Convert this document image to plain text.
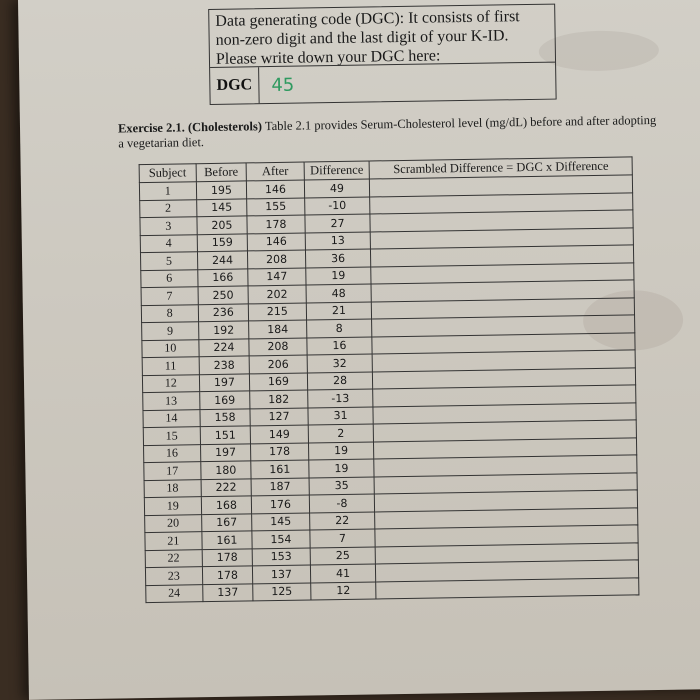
Data generating code (DGC): It consists of first non-zero digit and the last digit of your K-ID. Please write down your DGC here:
DGC	45
Exercise 2.1. (Cholesterols) Table 2.1 provides Serum-Cholesterol level (mg/dL) before and after adopting a vegetarian diet.
Subject	Before	After	Difference	Scrambled Difference = DGC x Difference
1	195	146	49	
2	145	155	-10	
3	205	178	27	
4	159	146	13	
5	244	208	36	
6	166	147	19	
7	250	202	48	
8	236	215	21	
9	192	184	8	
10	224	208	16	
11	238	206	32	
12	197	169	28	
13	169	182	-13	
14	158	127	31	
15	151	149	2	
16	197	178	19	
17	180	161	19	
18	222	187	35	
19	168	176	-8	
20	167	145	22	
21	161	154	7	
22	178	153	25	
23	178	137	41	
24	137	125	12	
